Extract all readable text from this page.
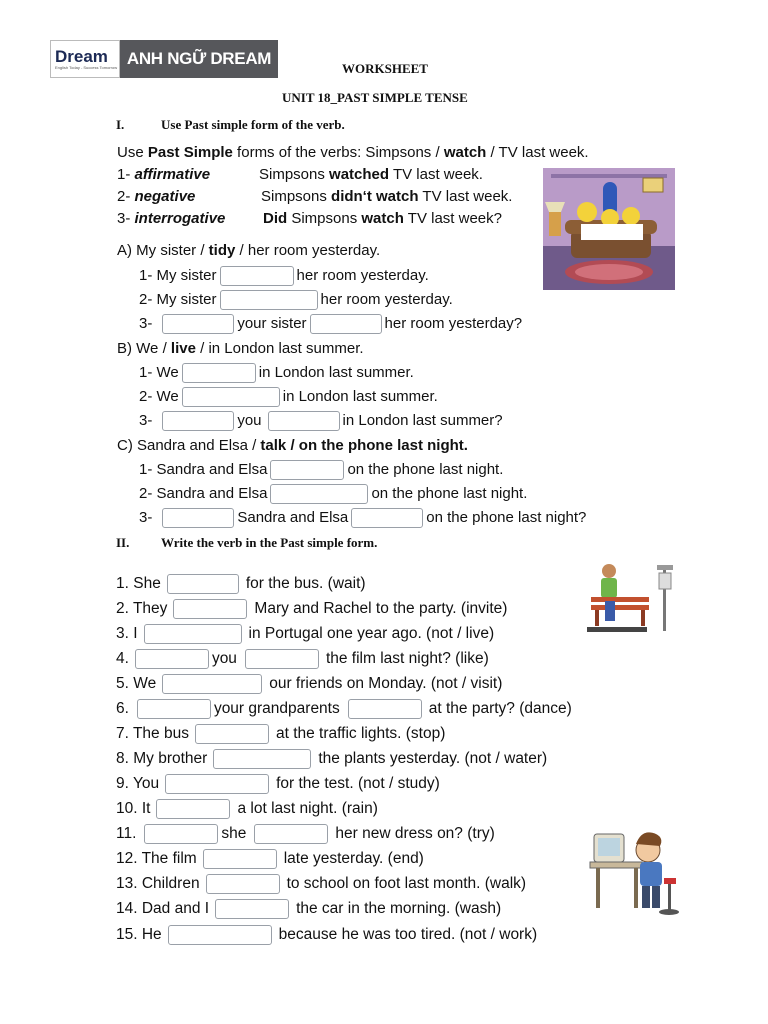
Dream
English Today - Success Tomorrow ANH NGỮ DREAM
WORKSHEET
UNIT 18_PAST SIMPLE TENSE
I.	Use Past simple form of the verb.
Use Past Simple forms of the verbs: Simpsons / watch / TV last week.
1- affirmative	Simpsons watched TV last week.
2- negative	Simpsons didn‘t watch TV last week.
3- interrogative	Did Simpsons watch TV last week?
A) My sister / tidy / her room yesterday.
1- My sister	her room yesterday.
2- My sister	her room yesterday.
3-	your sister	her room yesterday?
B) We / live / in London last summer.
1- We	in London last summer.
2- We	in London last summer.
3-	you	in London last summer?
C) Sandra and Elsa / talk / on the phone last night.
1- Sandra and Elsa	on the phone last night.
2- Sandra and Elsa	on the phone last night.
3-	Sandra and Elsa	on the phone last night?
II. Write the verb in the Past simple form.
1. She	for the bus. (wait)
2. They	Mary and Rachel to the party. (invite)
3. I	in Portugal one year ago. (not / live)
4.	you	the film last night? (like)
5. We	our friends on Monday. (not / visit)
6.	your grandparents	at the party? (dance)
7. The bus	at the traffic lights. (stop)
8. My brother	the plants yesterday. (not / water)
9. You	for the test. (not / study)
10. It	a lot last night. (rain)
11.	she	her new dress on? (try)
12. The film	late yesterday. (end)
13. Children	to school on foot last month. (walk)
14. Dad and I	the car in the morning. (wash)
15. He	because he was too tired. (not / work)
